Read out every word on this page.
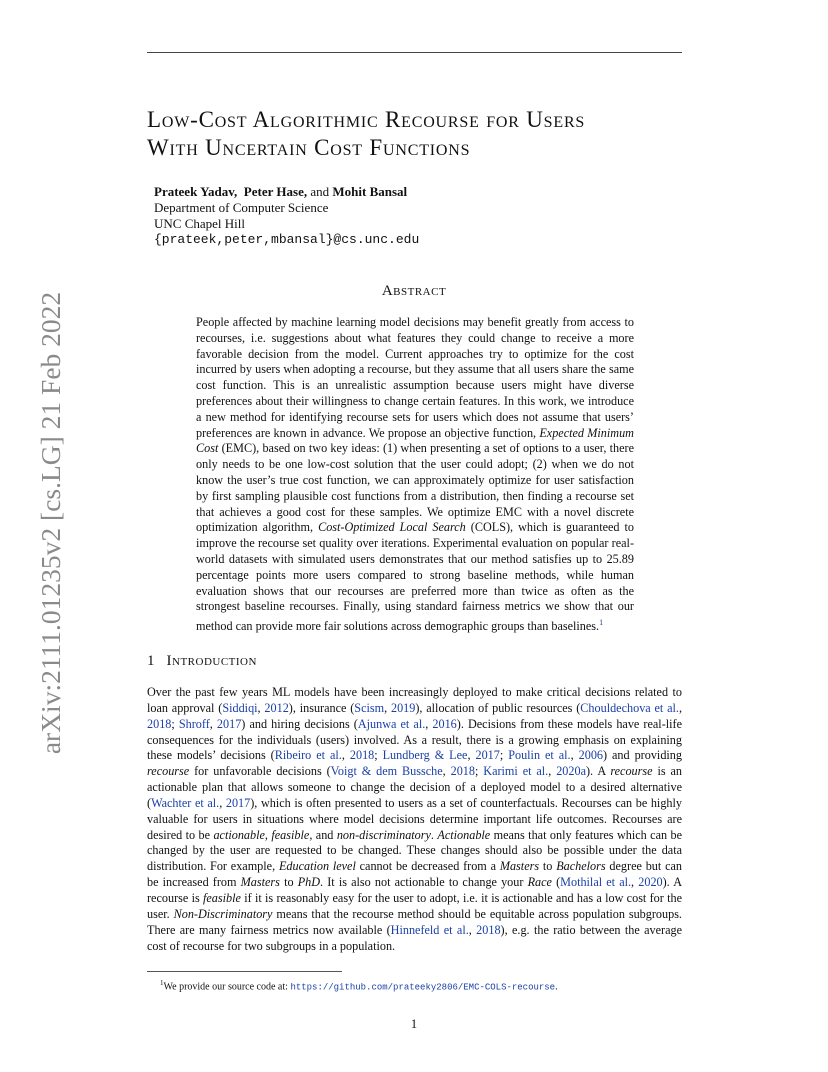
arXiv:2111.01235v2 [cs.LG] 21 Feb 2022
Low-Cost Algorithmic Recourse for Users
With Uncertain Cost Functions
Prateek Yadav, Peter Hase, and Mohit Bansal
Department of Computer Science
UNC Chapel Hill
{prateek,peter,mbansal}@cs.unc.edu
Abstract

People affected by machine learning model decisions may benefit greatly from access to recourses, i.e. suggestions about what features they could change to receive a more favorable decision from the model. Current approaches try to optimize for the cost incurred by users when adopting a recourse, but they assume that all users share the same cost function. This is an unrealistic assumption because users might have diverse preferences about their willingness to change certain features. In this work, we introduce a new method for identifying recourse sets for users which does not assume that users’ preferences are known in advance. We propose an objective function, Expected Minimum Cost (EMC), based on two key ideas: (1) when presenting a set of options to a user, there only needs to be one low-cost solution that the user could adopt; (2) when we do not know the user’s true cost function, we can approximately optimize for user satisfaction by first sampling plausible cost functions from a distribution, then finding a recourse set that achieves a good cost for these samples. We optimize EMC with a novel discrete optimization algorithm, Cost-Optimized Local Search (COLS), which is guaranteed to improve the recourse set quality over iterations. Experimental evaluation on popular real-world datasets with simulated users demonstrates that our method satisfies up to 25.89 percentage points more users compared to strong baseline methods, while human evaluation shows that our recourses are preferred more than twice as often as the strongest baseline recourses. Finally, using standard fairness metrics we show that our method can provide more fair solutions across demographic groups than baselines.$^1$

1 Introduction

Over the past few years ML models have been increasingly deployed to make critical decisions related to loan approval (Siddiqi, 2012), insurance (Scism, 2019), allocation of public resources (Chouldechova et al., 2018; Shroff, 2017) and hiring decisions (Ajunwa et al., 2016). Decisions from these models have real-life consequences for the individuals (users) involved. As a result, there is a growing emphasis on explaining these models’ decisions (Ribeiro et al., 2018; Lundberg & Lee, 2017; Poulin et al., 2006) and providing recourse for unfavorable decisions (Voigt & dem Bussche, 2018; Karimi et al., 2020a). A recourse is an actionable plan that allows someone to change the decision of a deployed model to a desired alternative (Wachter et al., 2017), which is often presented to users as a set of counterfactuals. Recourses can be highly valuable for users in situations where model decisions determine important life outcomes. Recourses are desired to be actionable, feasible, and non-discriminatory. Actionable means that only features which can be changed by the user are requested to be changed. These changes should also be possible under the data distribution. For example, Education level cannot be decreased from a Masters to Bachelors degree but can be increased from Masters to PhD. It is also not actionable to change your Race (Mothilal et al., 2020). A recourse is feasible if it is reasonably easy for the user to adopt, i.e. it is actionable and has a low cost for the user. Non-Discriminatory means that the recourse method should be equitable across population subgroups. There are many fairness metrics now available (Hinnefeld et al., 2018), e.g. the ratio between the average cost of recourse for two subgroups in a population.

$^1$We provide our source code at: https://github.com/prateeky2806/EMC-COLS-recourse.
1
